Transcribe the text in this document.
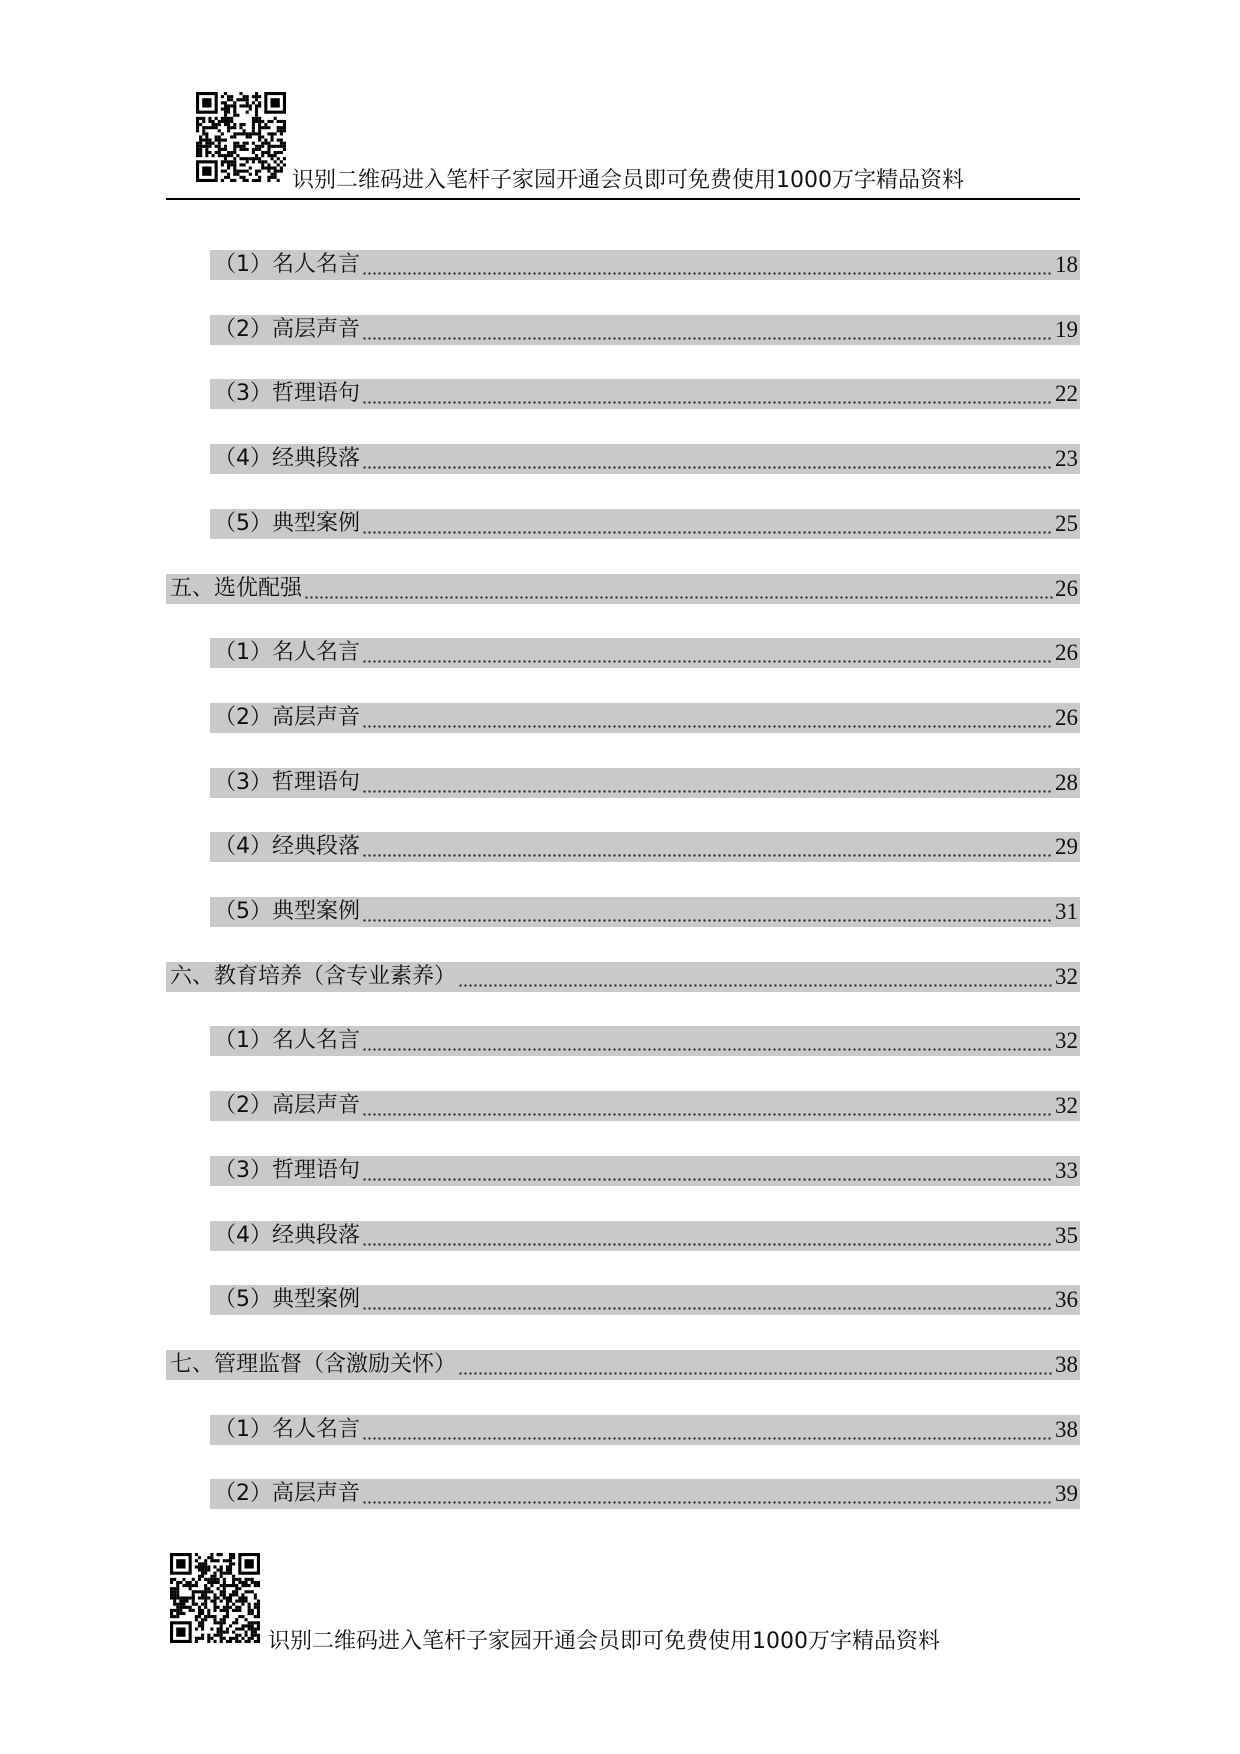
识别二维码进入笔杆子家园开通会员即可免费使用1000万字精品资料
（1）名人名言	18
（2）高层声音	19
（3）哲理语句	22
（4）经典段落	23
（5）典型案例	25
五、选优配强	26
（1）名人名言	26
（2）高层声音	26
（3）哲理语句	28
（4）经典段落	29
（5）典型案例	31
六、教育培养（含专业素养）	32
（1）名人名言	32
（2）高层声音	32
（3）哲理语句	33
（4）经典段落	35
（5）典型案例	36
七、管理监督（含激励关怀）	38
（1）名人名言	38
（2）高层声音	39
识别二维码进入笔杆子家园开通会员即可免费使用1000万字精品资料
